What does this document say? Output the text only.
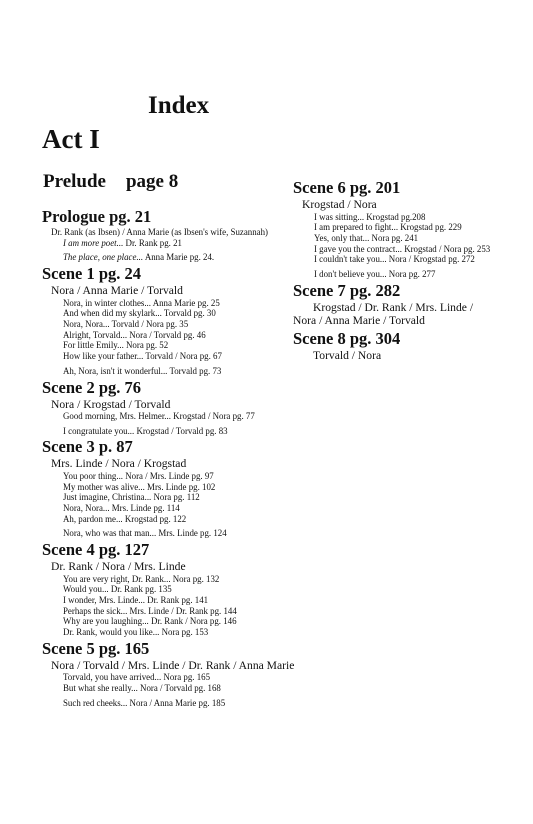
Index
Act I
Prelude page 8
Prologue pg. 21
Dr. Rank (as Ibsen) / Anna Marie (as Ibsen's wife, Suzannah)
I am more poet... Dr. Rank pg. 21
The place, one place... Anna Marie pg. 24.
Scene 1 pg. 24
Nora / Anna Marie / Torvald
Nora, in winter clothes... Anna Marie pg. 25
And when did my skylark... Torvald pg. 30
Nora, Nora... Torvald / Nora pg. 35
Alright, Torvald... Nora / Torvald pg. 46
For little Emily... Nora pg. 52
How like your father... Torvald / Nora pg. 67
Ah, Nora, isn't it wonderful... Torvald pg. 73
Scene 2 pg. 76
Nora / Krogstad / Torvald
Good morning, Mrs. Helmer... Krogstad / Nora pg. 77
I congratulate you... Krogstad / Torvald pg. 83
Scene 3 p. 87
Mrs. Linde / Nora / Krogstad
You poor thing... Nora / Mrs. Linde pg. 97
My mother was alive... Mrs. Linde pg. 102
Just imagine, Christina... Nora pg. 112
Nora, Nora... Mrs. Linde pg. 114
Ah, pardon me... Krogstad pg. 122
Nora, who was that man... Mrs. Linde pg. 124
Scene 4 pg. 127
Dr. Rank / Nora / Mrs. Linde
You are very right, Dr. Rank... Nora pg. 132
Would you... Dr. Rank pg. 135
I wonder, Mrs. Linde... Dr. Rank pg. 141
Perhaps the sick... Mrs. Linde / Dr. Rank pg. 144
Why are you laughing... Dr. Rank / Nora pg. 146
Dr. Rank, would you like... Nora pg. 153
Scene 5 pg. 165
Nora / Torvald / Mrs. Linde / Dr. Rank / Anna Marie
Torvald, you have arrived... Nora pg. 165
But what she really... Nora / Torvald pg. 168
Such red cheeks... Nora / Anna Marie pg. 185
Scene 6 pg. 201
Krogstad / Nora
I was sitting... Krogstad pg.208
I am prepared to fight... Krogstad pg. 229
Yes, only that... Nora pg. 241
I gave you the contract... Krogstad / Nora pg. 253
I couldn't take you... Nora / Krogstad pg. 272
I don't believe you... Nora pg. 277
Scene 7 pg. 282
Krogstad / Dr. Rank / Mrs. Linde /
Nora / Anna Marie / Torvald
Scene 8 pg. 304
Torvald / Nora
